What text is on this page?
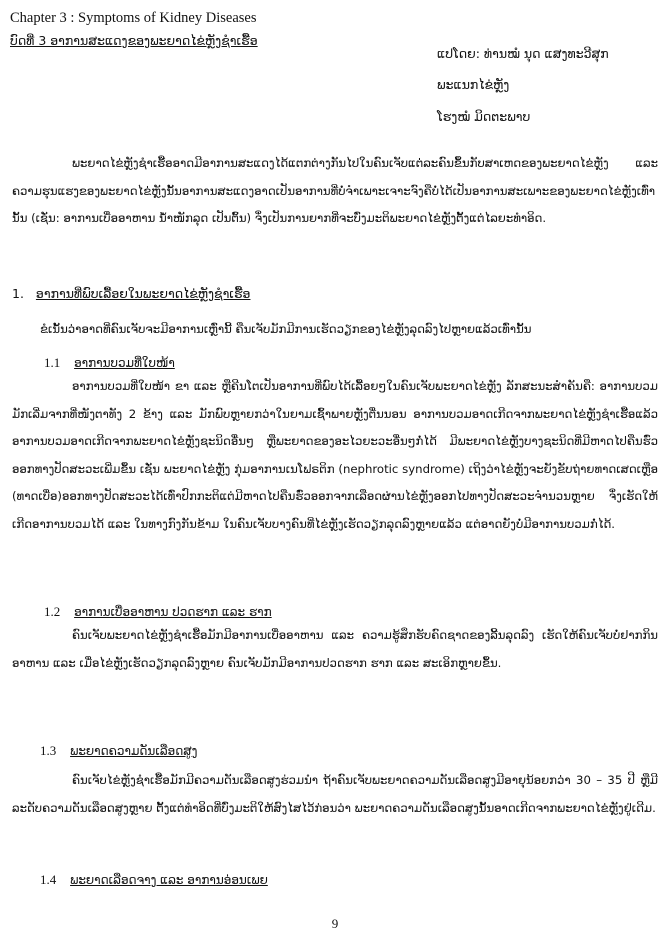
Chapter 3 : Symptoms of Kidney Diseases
ບົດທີ່ 3 ອາການສະແດງຂອງພະຍາດໄຂ່ຫຼັງຊໍາເຮື້ອ
ແປໂດຍ: ທ່ານໝໍ ນຸດ ແສງທະວີສຸກ
ພະແນກໄຂ່ຫຼັງ
ໂຮງໝໍ ມິດຕະພາບ

ພະຍາດໄຂ່ຫຼັງຊໍາເຮື້ອອາດມີອາການສະແດງໄດ້ແຕກຕ່າງກັນໄປໃນຄົນເຈັບແຕ່ລະຄົນຂຶ້ນກັບສາເຫດຂອງພະຍາດໄຂ່ຫຼັງ ແລະ ຄວາມຮຸນແຮງຂອງພະຍາດໄຂ່ຫຼັງນັ້ນອາການສະແດງອາດເປັນອາການທີ່ບໍ່ຈໍາເພາະເຈາະຈົງຄືບໍ່ໄດ້ເປັນອາການສະເພາະຂອງພະຍາດໄຂ່ຫຼັງເທົ່ານັ້ນ (ເຊັ່ນ: ອາການເບື່ອອາຫານ ນໍ້າໜັກລຸດ ເປັນຕົ້ນ) ຈຶ່ງເປັນການຍາກທີ່ຈະບົ່ງມະຕິພະຍາດໄຂ່ຫຼັງຕັ້ງແຕ່ໄລຍະທໍາອິດ.

1. ອາການທີ່ພົບເລື້ອຍໃນພະຍາດໄຂ່ຫຼັງຊໍາເຮື້ອ

ຂໍເນັ້ນວ່າອາດທີ່ຄົນເຈັບຈະມີອາການເຫຼົ່ານີ້ ຄືນເຈັບມັກມີການເຮັດວຽກຂອງໄຂ່ຫຼັງລຸດລົງໄປຫຼາຍແລ້ວເທົ່ານັ້ນ

1.1 ອາການບວມທີ່ໃບໜ້າ

ອາການບວມທີ່ໃບໜ້າ ຂາ ແລະ ຫຼືຄີນໂຕເປັນອາການທີ່ພົບໄດ້ເລື້ອຍໆໃນຄົນເຈັບພະຍາດໄຂ່ຫຼັງ ລັກສະນະສໍາຄັນຄື: ອາການບວມມັກເລີ່ມຈາກທີ່ໜັງຕາທັງ 2 ຂ້າງ ແລະ ມັກພົບຫຼາຍກວ່າໃນຍາມເຊົ້າພາຍຫຼັງຕື່ນນອນ ອາການບວມອາດເກີດຈາກພະຍາດໄຂ່ຫຼັງຊໍາເຮື້ອແລ້ວ ອາການບວມອາດເກີດຈາກພະຍາດໄຂ່ຫຼັງຊະນິດອື່ນໆ ຫຼືພະຍາດຂອງອະໄວຍະວະອື່ນໆກໍ່ໄດ້ ມີພະຍາດໄຂ່ຫຼັງບາງຊະນິດທີ່ມີຫາດໄປຄືນຮົ່ວອອກທາງປັດສະວະເພີ່ມຂຶ້ນ ເຊັ່ນ ພະຍາດໄຂ່ຫຼັງ ກຸ່ມອາການເນໂຟຣຕິກ (nephrotic syndrome) ເຖິງວ່າໄຂ່ຫຼັງຈະຍັງຂັບຖ່າຍທາດເສດເຫຼືອ (ທາດເບື່ອ)ອອກທາງປັດສະວະໄດ້ເທົ່າປົກກະຕິແຕ່ມີຫາດໄປຄືນຮົ່ວອອກຈາກເລືອດຜ່ານໄຂ່ຫຼັງອອກໄປທາງປັດສະວະຈໍານວນຫຼາຍ ຈຶ່ງເຮັດໃຫ້ເກີດອາການບວມໄດ້ ແລະ ໃນທາງກົງກັນຂ້າມ ໃນຄົນເຈັບບາງຄົນທີ່ໄຂ່ຫຼັງເຮັດວຽກລຸດລົງຫຼາຍແລ້ວ ແຕ່ອາດຍັງບໍ່ມີອາການບວມກໍ່ໄດ້.

1.2 ອາການເບື່ອອາຫານ ປວດຮາກ ແລະ ຮາກ

ຄົນເຈັບພະຍາດໄຂ່ຫຼັງຊໍາເຮື້ອມັກມີອາການເບື່ອອາຫານ ແລະ ຄວາມຮູ້ສຶກຮັບຄົດຊາດຂອງລີ້ນລຸດລົງ ເຮັດໃຫ້ຄົນເຈັບບໍ່ຢາກກິນອາຫານ ແລະ ເມື່ອໄຂ່ຫຼັງເຮັດວຽກລຸດລົງຫຼາຍ ຄົນເຈັບມັກມີອາການປວດຮາກ ຮາກ ແລະ ສະເອິກຫຼາຍຂຶ້ນ.

1.3 ພະຍາດຄວາມດັນເລືອດສູງ

ຄົນເຈັບໄຂ່ຫຼັງຊໍາເຮື້ອມັກມີຄວາມດັນເລືອດສູງຮ່ວມນໍາ ຖ້າຄົນເຈັບພະຍາດຄວາມດັນເລືອດສູງມີອາຍຸນ້ອຍກວ່າ 30 – 35 ປີ ຫຼືມີລະດັບຄວາມດັນເລືອດສູງຫຼາຍ ຕັ້ງແຕ່ທໍາອິດທີ່ບົ່ງມະຕິໃຫ້ສົງໄສໄວ້ກ່ອນວ່າ ພະຍາດຄວາມດັນເລືອດສູງນັ້ນອາດເກີດຈາກພະຍາດໄຂ່ຫຼັງຢູ່ເດີມ.

1.4 ພະຍາດເລືອດຈາງ ແລະ ອາການອ່ອນເພຍ
9
